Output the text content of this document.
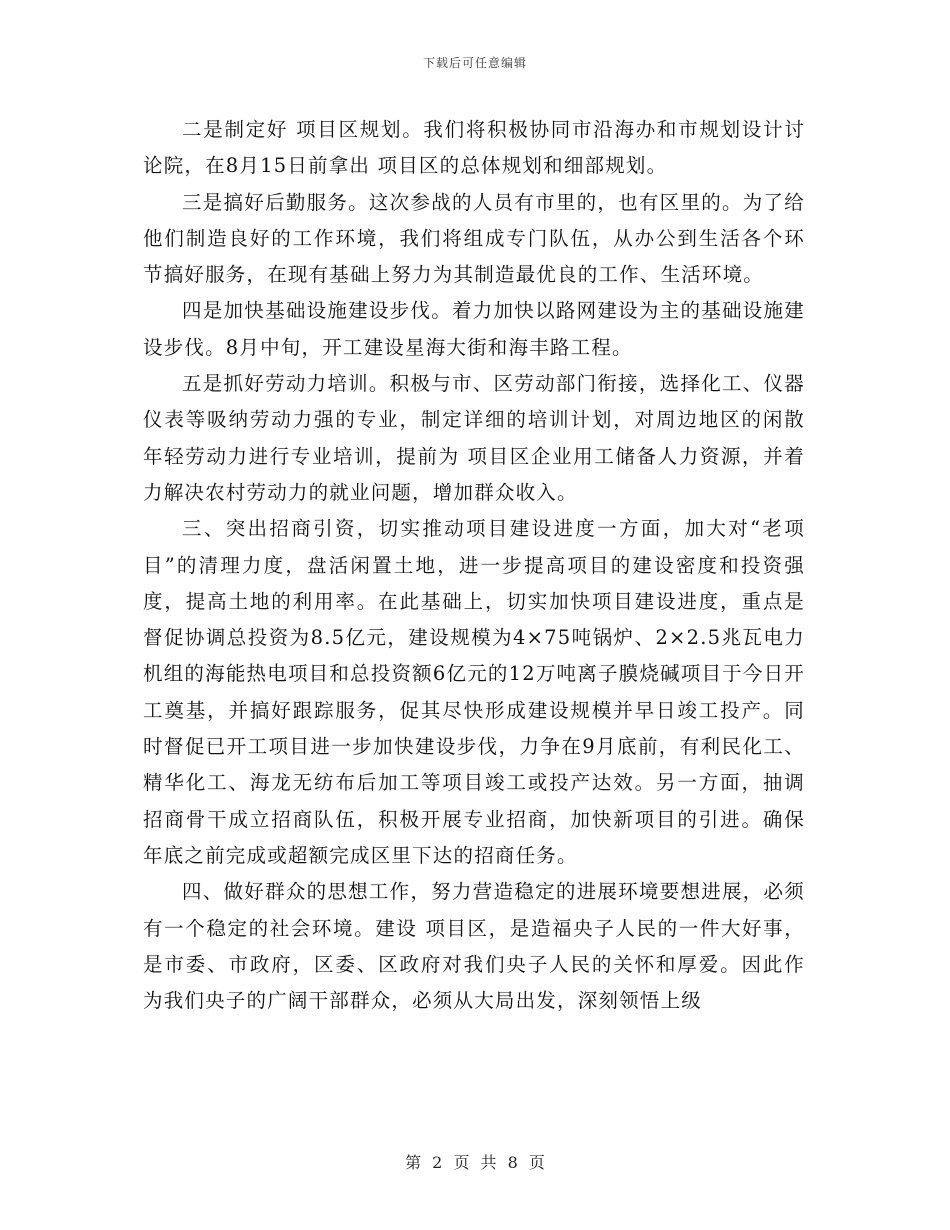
下载后可任意编辑

二是制定好 项目区规划。我们将积极协同市沿海办和市规划设计讨论院，在8月15日前拿出 项目区的总体规划和细部规划。

三是搞好后勤服务。这次参战的人员有市里的，也有区里的。为了给他们制造良好的工作环境，我们将组成专门队伍，从办公到生活各个环节搞好服务，在现有基础上努力为其制造最优良的工作、生活环境。

四是加快基础设施建设步伐。着力加快以路网建设为主的基础设施建设步伐。8月中旬，开工建设星海大街和海丰路工程。

五是抓好劳动力培训。积极与市、区劳动部门衔接，选择化工、仪器仪表等吸纳劳动力强的专业，制定详细的培训计划，对周边地区的闲散年轻劳动力进行专业培训，提前为 项目区企业用工储备人力资源，并着力解决农村劳动力的就业问题，增加群众收入。

三、突出招商引资，切实推动项目建设进度一方面，加大对“老项目”的清理力度，盘活闲置土地，进一步提高项目的建设密度和投资强度，提高土地的利用率。在此基础上，切实加快项目建设进度，重点是督促协调总投资为8.5亿元，建设规模为4×75吨锅炉、2×2.5兆瓦电力机组的海能热电项目和总投资额6亿元的12万吨离子膜烧碱项目于今日开工奠基，并搞好跟踪服务，促其尽快形成建设规模并早日竣工投产。同时督促已开工项目进一步加快建设步伐，力争在9月底前，有利民化工、精华化工、海龙无纺布后加工等项目竣工或投产达效。另一方面，抽调招商骨干成立招商队伍，积极开展专业招商，加快新项目的引进。确保年底之前完成或超额完成区里下达的招商任务。

四、做好群众的思想工作，努力营造稳定的进展环境要想进展，必须有一个稳定的社会环境。建设 项目区，是造福央子人民的一件大好事，是市委、市政府，区委、区政府对我们央子人民的关怀和厚爱。因此作为我们央子的广阔干部群众，必须从大局出发，深刻领悟上级

第 2 页 共 8 页
